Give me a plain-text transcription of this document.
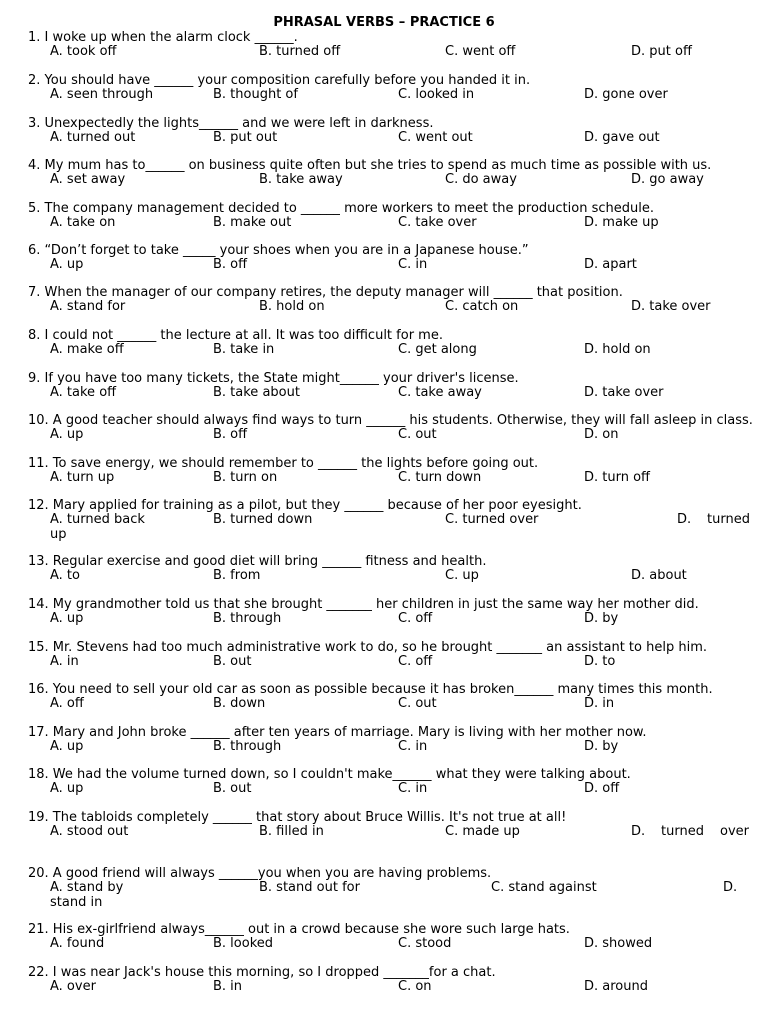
PHRASAL VERBS – PRACTICE 6
1. I woke up when the alarm clock ______.
A. took off	B. turned off	C. went off	D. put off
2. You should have ______ your composition carefully before you handed it in.
A. seen through	B. thought of	C. looked in	D. gone over
3. Unexpectedly the lights______ and we were left in darkness.
A. turned out	B. put out	C. went out	D. gave out
4. My mum has to______ on business quite often but she tries to spend as much time as possible with us.
A. set away	B. take away	C. do away	D. go away
5. The company management decided to ______ more workers to meet the production schedule.
A. take on	B. make out	C. take over	D. make up
6. “Don’t forget to take _____ your shoes when you are in a Japanese house.”
A. up	B. off	C. in	D. apart
7. When the manager of our company retires, the deputy manager will ______ that position.
A. stand for	B. hold on	C. catch on	D. take over
8. I could not ______ the lecture at all. It was too difficult for me.
A. make off	B. take in	C. get along	D. hold on
9. If you have too many tickets, the State might______ your driver's license.
A. take off	B. take about	C. take away	D. take over
10. A good teacher should always find ways to turn ______ his students. Otherwise, they will fall asleep in class.
A. up	B. off	C. out	D. on
11. To save energy, we should remember to ______ the lights before going out.
A. turn up	B. turn on	C. turn down	D. turn off
12. Mary applied for training as a pilot, but they ______ because of her poor eyesight.
A. turned back	B. turned down	C. turned over	D. turned
up
13. Regular exercise and good diet will bring ______ fitness and health.
A. to	B. from	C. up	D. about
14. My grandmother told us that she brought _______ her children in just the same way her mother did.
A. up	B. through	C. off	D. by
15. Mr. Stevens had too much administrative work to do, so he brought _______ an assistant to help him.
A. in	B. out	C. off	D. to
16. You need to sell your old car as soon as possible because it has broken______ many times this month.
A. off	B. down	C. out	D. in
17. Mary and John broke ______ after ten years of marriage. Mary is living with her mother now.
A. up	B. through	C. in	D. by
18. We had the volume turned down, so I couldn't make______ what they were talking about.
A. up	B. out	C. in	D. off
19. The tabloids completely ______ that story about Bruce Willis. It's not true at all!
A. stood out	B. filled in	C. made up	D. turned over
20. A good friend will always ______you when you are having problems.
A. stand by	B. stand out for	C. stand against	D.
stand in
21. His ex-girlfriend always______ out in a crowd because she wore such large hats.
A. found	B. looked	C. stood	D. showed
22. I was near Jack's house this morning, so I dropped _______for a chat.
A. over	B. in	C. on	D. around
